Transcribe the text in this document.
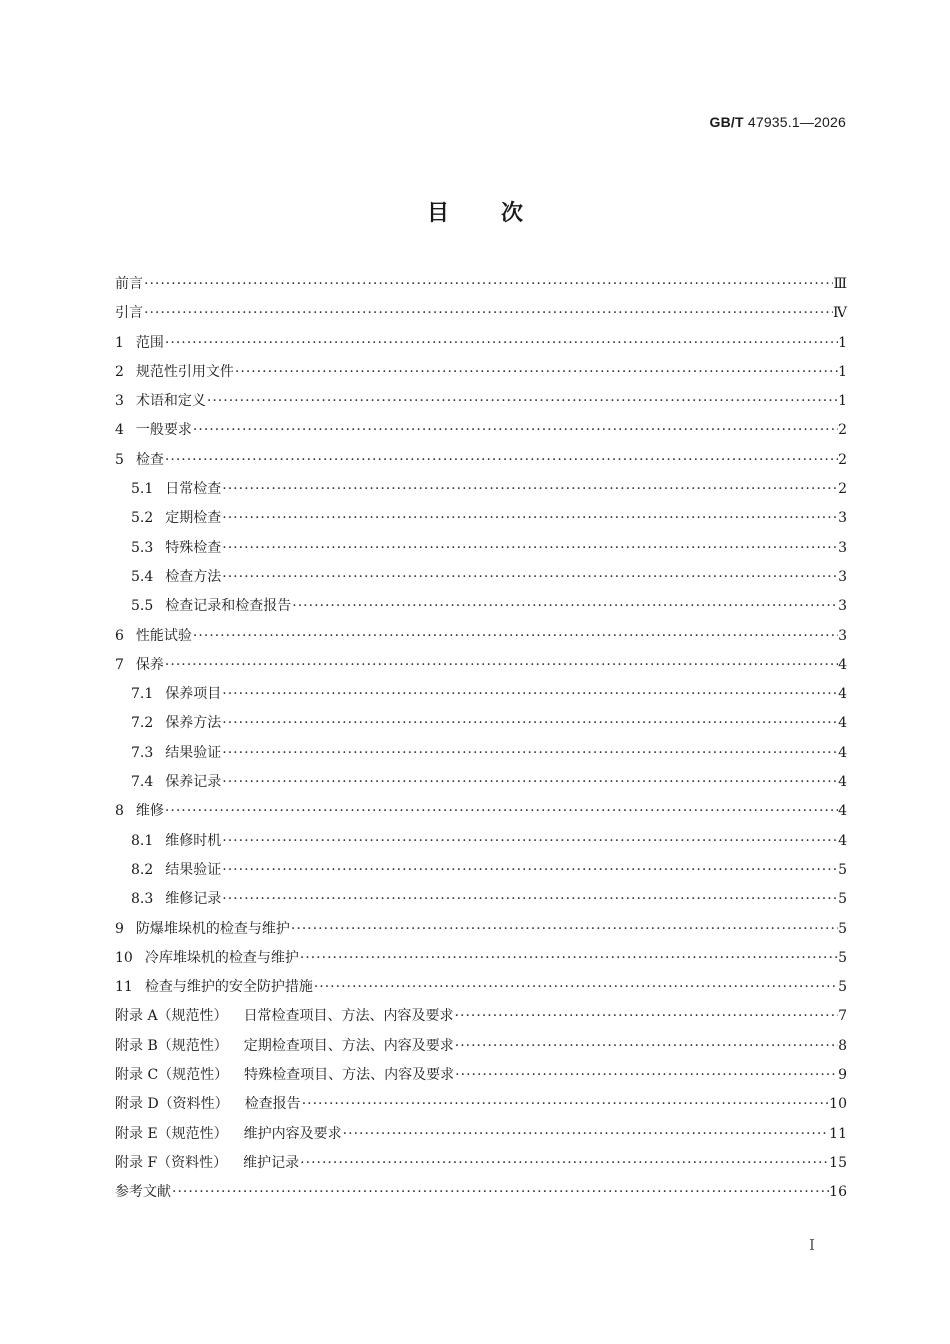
GB/T 47935.1—2026
目次
前言 ·····	Ⅲ
引言 ·····	Ⅳ
1 范围 ·····	1
2 规范性引用文件 ·····	1
3 术语和定义 ·····	1
4 一般要求 ·····	2
5 检查 ·····	2
5.1 日常检查 ·····	2
5.2 定期检查 ·····	3
5.3 特殊检查 ·····	3
5.4 检查方法 ·····	3
5.5 检查记录和检查报告 ·····	3
6 性能试验 ·····	3
7 保养 ·····	4
7.1 保养项目 ·····	4
7.2 保养方法 ·····	4
7.3 结果验证 ·····	4
7.4 保养记录 ·····	4
8 维修 ·····	4
8.1 维修时机 ·····	4
8.2 结果验证 ·····	5
8.3 维修记录 ·····	5
9 防爆堆垛机的检查与维护 ·····	5
10 冷库堆垛机的检查与维护 ·····	5
11 检查与维护的安全防护措施 ·····	5
附录 A（规范性） 日常检查项目、方法、内容及要求 ·····	7
附录 B（规范性） 定期检查项目、方法、内容及要求 ·····	8
附录 C（规范性） 特殊检查项目、方法、内容及要求 ·····	9
附录 D（资料性） 检查报告 ·····	10
附录 E（规范性） 维护内容及要求 ·····	11
附录 F（资料性） 维护记录 ·····	15
参考文献 ·····	16
Ⅰ
